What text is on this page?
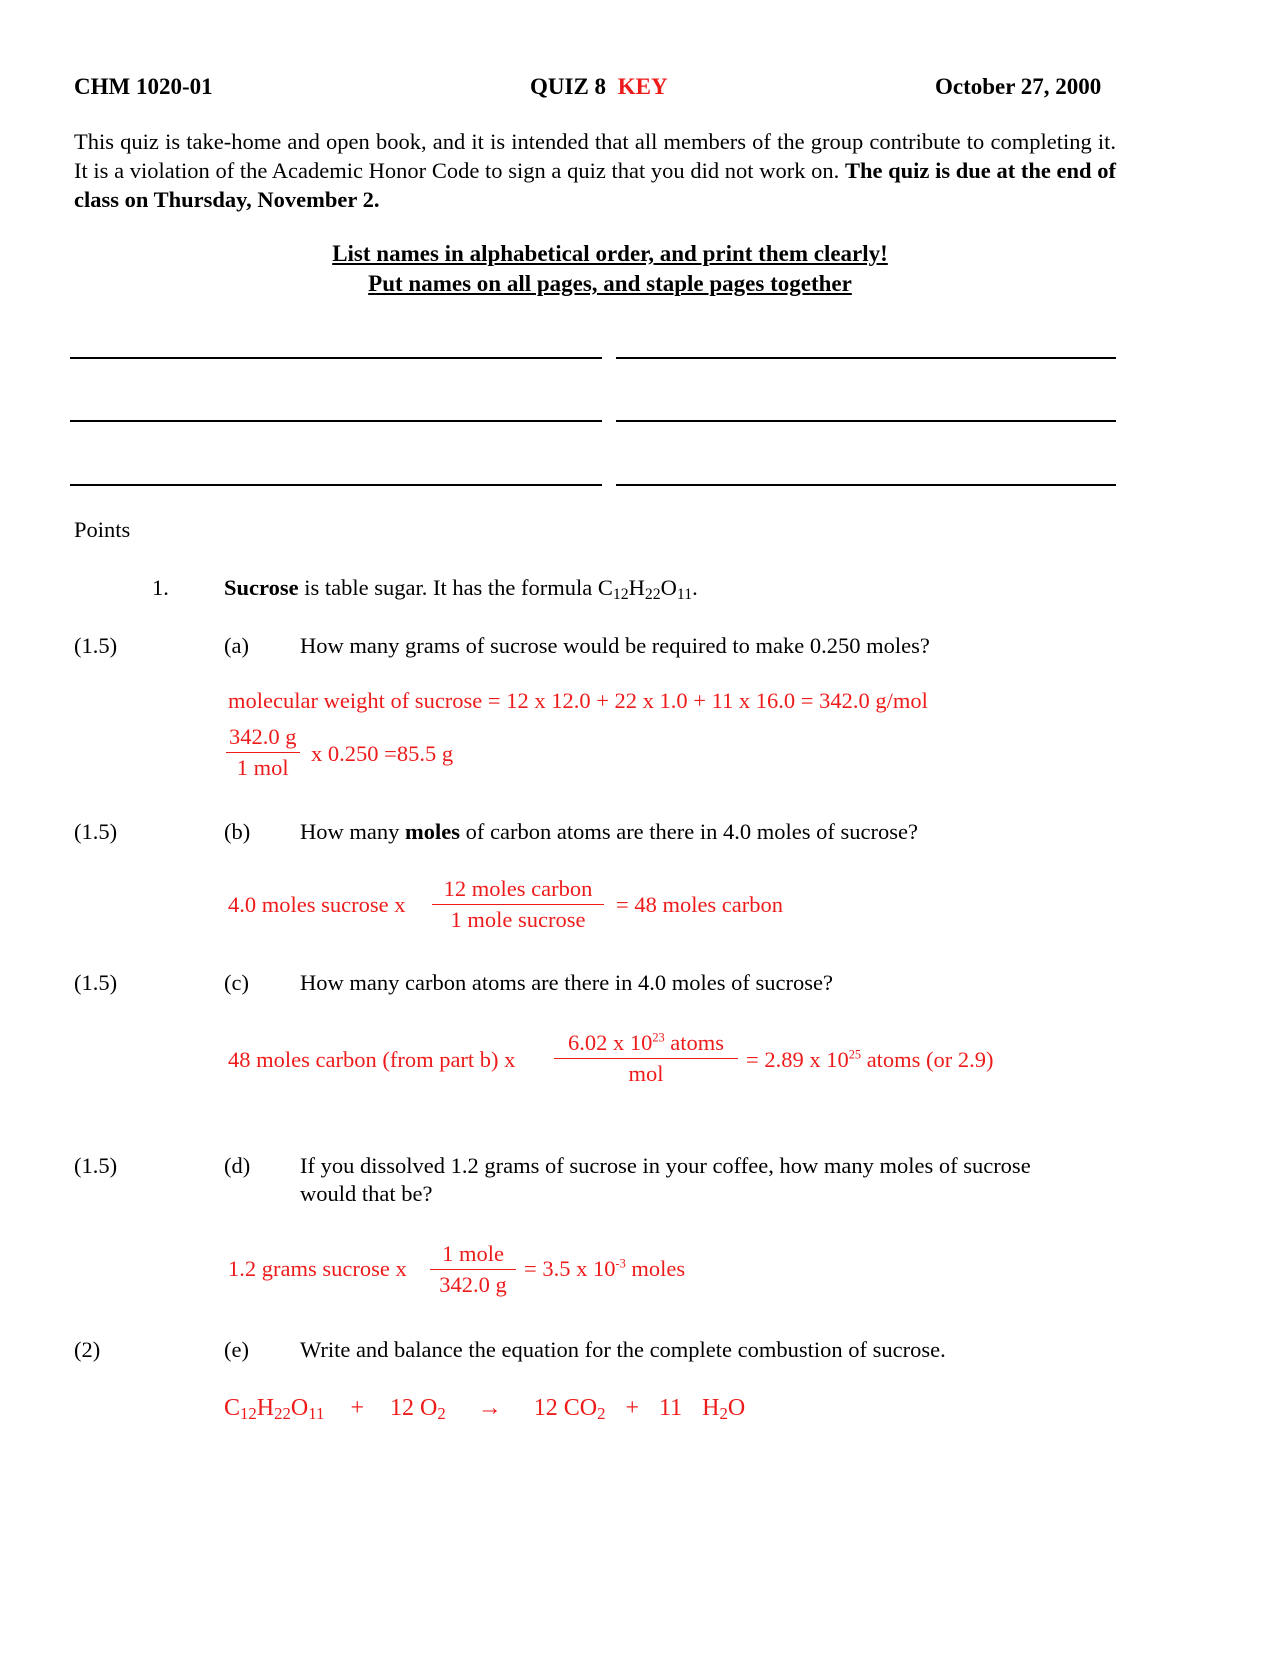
CHM 1020-01	QUIZ 8 KEY	October 27, 2000
This quiz is take-home and open book, and it is intended that all members of the group contribute to completing it. It is a violation of the Academic Honor Code to sign a quiz that you did not work on. The quiz is due at the end of class on Thursday, November 2.
List names in alphabetical order, and print them clearly!
Put names on all pages, and staple pages together
Points
1. Sucrose is table sugar. It has the formula $C_{12}H_{22}O_{11}$.
(1.5)	(a) How many grams of sucrose would be required to make 0.250 moles?
molecular weight of sucrose = 12 x 12.0 + 22 x 1.0 + 11 x 16.0 = 342.0 g/mol
342.0 g
1 mol
x 0.250 =85.5 g
(1.5)	(b) How many moles of carbon atoms are there in 4.0 moles of sucrose?
4.0 moles sucrose x
12 moles carbon
1 mole sucrose
= 48 moles carbon
(1.5)	(c) How many carbon atoms are there in 4.0 moles of sucrose?
48 moles carbon (from part b) x
6.02 x $10^{23}$ atoms
mol
= 2.89 x $10^{25}$ atoms (or 2.9)
(1.5)	(d) If you dissolved 1.2 grams of sucrose in your coffee, how many moles of sucrose
would that be?
1.2 grams sucrose x
1 mole
342.0 g
= 3.5 x $10^{-3}$ moles
(2)	(e) Write and balance the equation for the complete combustion of sucrose.
$C_{12}H_{22}O_{11} + 12$ $O_2 \to 12$ $CO_2 + 11$ $H_2O$
